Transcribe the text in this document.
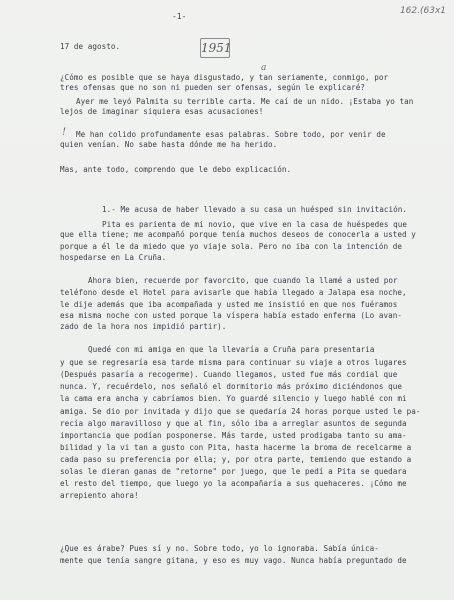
-1-
162.(63x1
1951
17 de agosto.
¿Cómo es posible que se haya disgustado, y tan seriamente, conmigo, por
tres ofensas que no son ni pueden ser ofensas, según le explicaré?
Ayer me leyó Palmita su terrible carta. Me caí de un nido. ¡Estaba yo tan
lejos de imaginar siquiera esas acusaciones!
Me han colido profundamente esas palabras. Sobre todo, por venir de
quien venían. No sabe hasta dónde me ha herido.
Mas, ante todo, comprendo que le debo explicación.
1.- Me acusa de haber llevado a su casa un huésped sin invitación.
Pita es parienta de mi novio, que vive en la casa de huéspedes que
que ella tiene; me acompañó porque tenía muchos deseos de conocerla a usted y
porque a él le da miedo que yo viaje sola. Pero no iba con la intención de
hospedarse en La Cruña.
Ahora bien, recuerde por favorcito, que cuando la llamé a usted por
teléfono desde el Hotel para avisarle que había llegado a Jalapa esa noche,
le dije además que iba acompañada y usted me insistió en que nos fuéramos
esa misma noche con usted porque la víspera había estado enferma (Lo avan-
zado de la hora nos impidió partir).
Quedé con mi amiga en que la llevaría a Cruña para presentaria
y que se regresaría esa tarde misma para continuar su viaje a otros lugares
(Después pasaría a recogerme). Cuando llegamos, usted fue más cordial que
nunca. Y, recuérdelo, nos señaló el dormitorio más próximo diciéndonos que
la cama era ancha y cabríamos bien. Yo guardé silencio y luego hablé con mi
amiga. Se dio por invitada y dijo que se quedaría 24 horas porque usted le pa-
recía algo maravilloso y que al fin, sólo iba a arreglar asuntos de segunda
importancia que podían posponerse. Más tarde, usted prodigaba tanto su ama-
bilidad y la vi tan a gusto con Pita, hasta hacerme la broma de recelcarme a
cada paso su preferencia por ella; y, por otra parte, temiendo que estando a
solas le dieran ganas de "retorne" por juego, que le pedí a Pita se quedara
el resto del tiempo, que luego yo la acompañaría a sus quehaceres. ¡Cómo me
arrepiento ahora!
¿Que es árabe? Pues sí y no. Sobre todo, yo lo ignoraba. Sabía única-
mente que tenía sangre gitana, y eso es muy vago. Nunca había preguntado de
a
!
